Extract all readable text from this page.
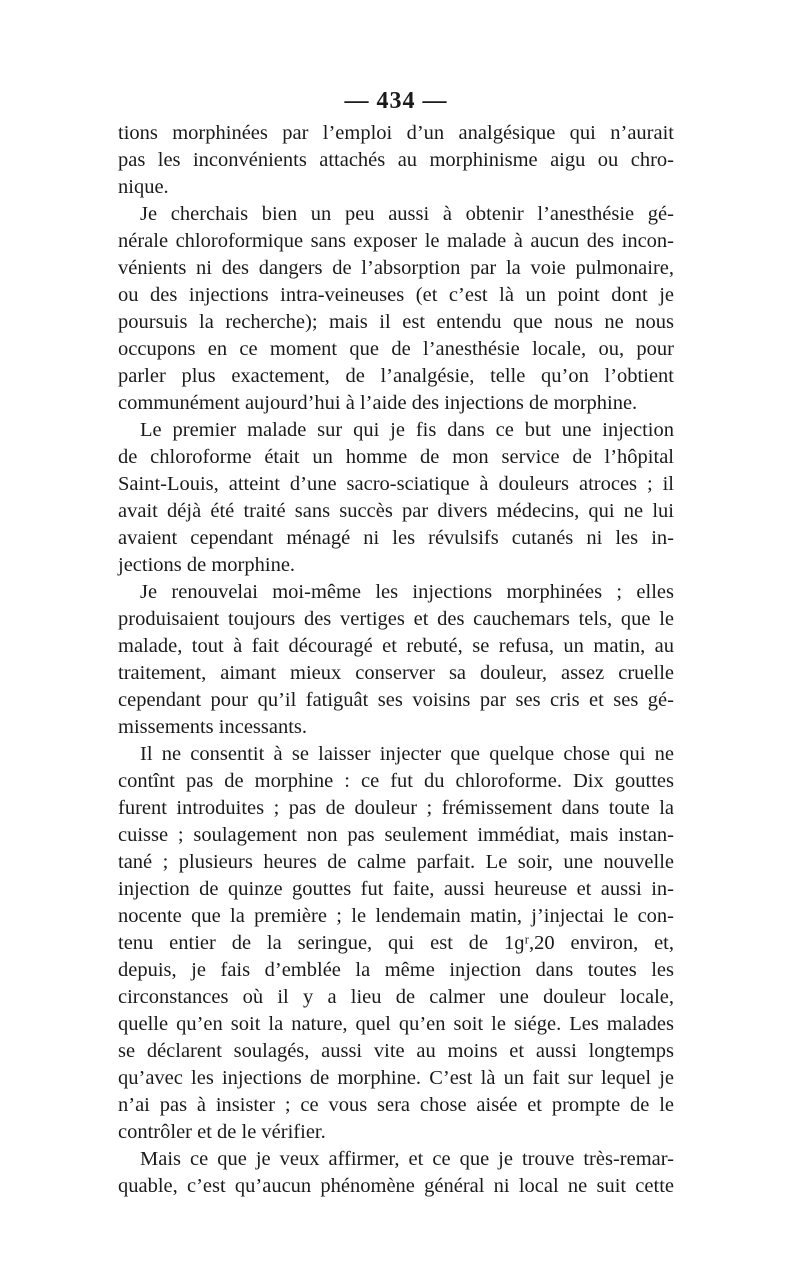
— 434 —
tions morphinées par l’emploi d’un analgésique qui n’aurait
pas les inconvénients attachés au morphinisme aigu ou chro-
nique.
Je cherchais bien un peu aussi à obtenir l’anesthésie gé-
nérale chloroformique sans exposer le malade à aucun des incon-
vénients ni des dangers de l’absorption par la voie pulmonaire,
ou des injections intra-veineuses (et c’est là un point dont je
poursuis la recherche); mais il est entendu que nous ne nous
occupons en ce moment que de l’anesthésie locale, ou, pour
parler plus exactement, de l’analgésie, telle qu’on l’obtient
communément aujourd’hui à l’aide des injections de morphine.
Le premier malade sur qui je fis dans ce but une injection
de chloroforme était un homme de mon service de l’hôpital
Saint-Louis, atteint d’une sacro-sciatique à douleurs atroces ; il
avait déjà été traité sans succès par divers médecins, qui ne lui
avaient cependant ménagé ni les révulsifs cutanés ni les in-
jections de morphine.
Je renouvelai moi-même les injections morphinées ; elles
produisaient toujours des vertiges et des cauchemars tels, que le
malade, tout à fait découragé et rebuté, se refusa, un matin, au
traitement, aimant mieux conserver sa douleur, assez cruelle
cependant pour qu’il fatiguât ses voisins par ses cris et ses gé-
missements incessants.
Il ne consentit à se laisser injecter que quelque chose qui ne
contînt pas de morphine : ce fut du chloroforme. Dix gouttes
furent introduites ; pas de douleur ; frémissement dans toute la
cuisse ; soulagement non pas seulement immédiat, mais instan-
tané ; plusieurs heures de calme parfait. Le soir, une nouvelle
injection de quinze gouttes fut faite, aussi heureuse et aussi in-
nocente que la première ; le lendemain matin, j’injectai le con-
tenu entier de la seringue, qui est de 1ɡʳ,20 environ, et,
depuis, je fais d’emblée la même injection dans toutes les
circonstances où il y a lieu de calmer une douleur locale,
quelle qu’en soit la nature, quel qu’en soit le siége. Les malades
se déclarent soulagés, aussi vite au moins et aussi longtemps
qu’avec les injections de morphine. C’est là un fait sur lequel je
n’ai pas à insister ; ce vous sera chose aisée et prompte de le
contrôler et de le vérifier.
Mais ce que je veux affirmer, et ce que je trouve très-remar-
quable, c’est qu’aucun phénomène général ni local ne suit cette
